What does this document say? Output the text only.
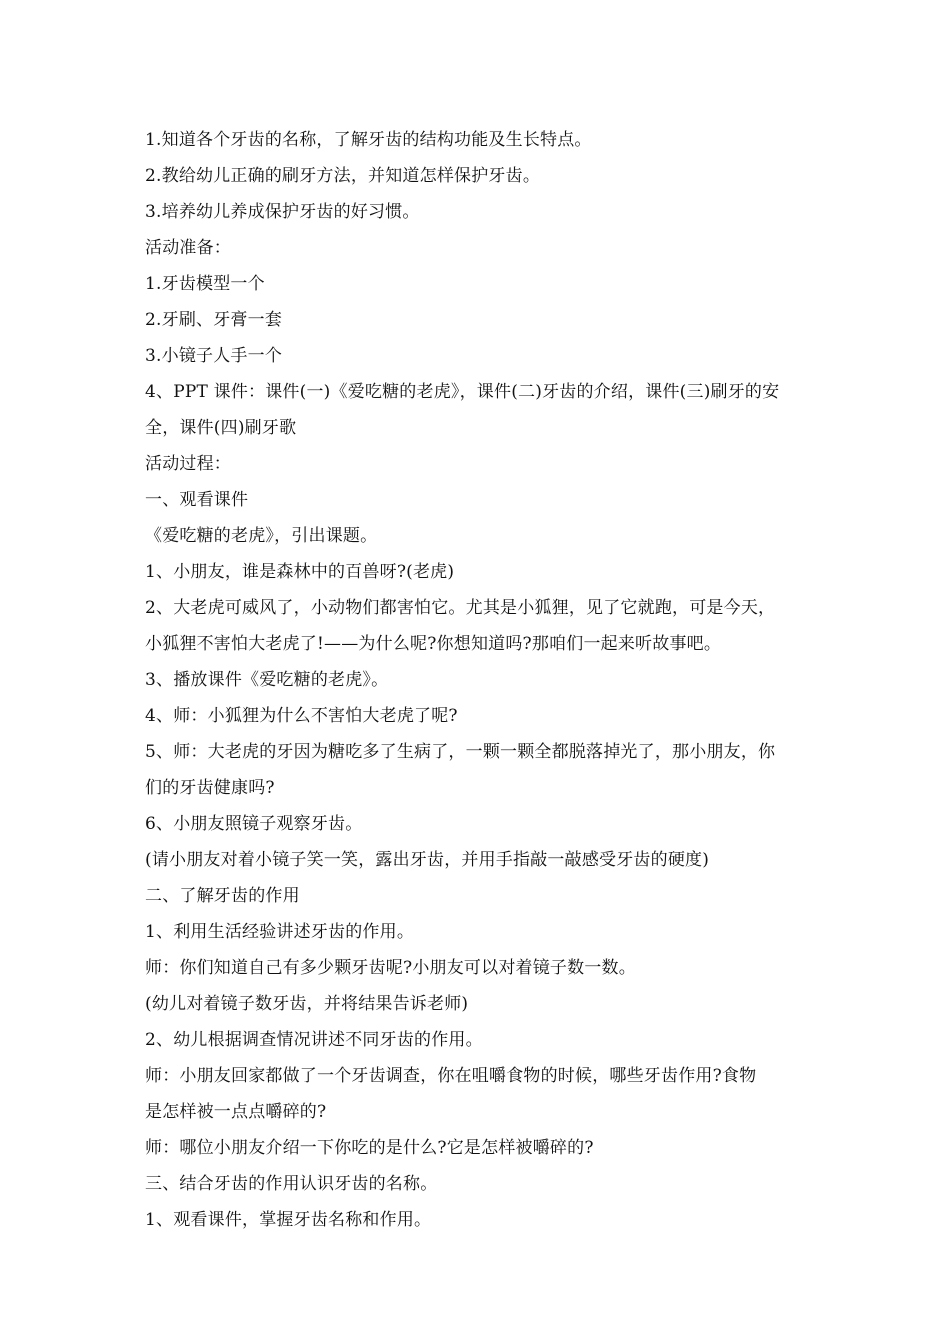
1.知道各个牙齿的名称，了解牙齿的结构功能及生长特点。
2.教给幼儿正确的刷牙方法，并知道怎样保护牙齿。
3.培养幼儿养成保护牙齿的好习惯。
活动准备：
1.牙齿模型一个
2.牙刷、牙膏一套
3.小镜子人手一个
4、PPT 课件：课件(一)《爱吃糖的老虎》，课件(二)牙齿的介绍，课件(三)刷牙的安
全，课件(四)刷牙歌
活动过程：
一、观看课件
《爱吃糖的老虎》，引出课题。
1、小朋友，谁是森林中的百兽呀?(老虎)
2、大老虎可威风了，小动物们都害怕它。尤其是小狐狸，见了它就跑，可是今天，
小狐狸不害怕大老虎了!——为什么呢?你想知道吗?那咱们一起来听故事吧。
3、播放课件《爱吃糖的老虎》。
4、师：小狐狸为什么不害怕大老虎了呢?
5、师：大老虎的牙因为糖吃多了生病了，一颗一颗全都脱落掉光了，那小朋友，你
们的牙齿健康吗?
6、小朋友照镜子观察牙齿。
(请小朋友对着小镜子笑一笑，露出牙齿，并用手指敲一敲感受牙齿的硬度)
二、了解牙齿的作用
1、利用生活经验讲述牙齿的作用。
师：你们知道自己有多少颗牙齿呢?小朋友可以对着镜子数一数。
(幼儿对着镜子数牙齿，并将结果告诉老师)
2、幼儿根据调查情况讲述不同牙齿的作用。
师：小朋友回家都做了一个牙齿调查，你在咀嚼食物的时候，哪些牙齿作用?食物
是怎样被一点点嚼碎的?
师：哪位小朋友介绍一下你吃的是什么?它是怎样被嚼碎的?
三、结合牙齿的作用认识牙齿的名称。
1、观看课件，掌握牙齿名称和作用。
